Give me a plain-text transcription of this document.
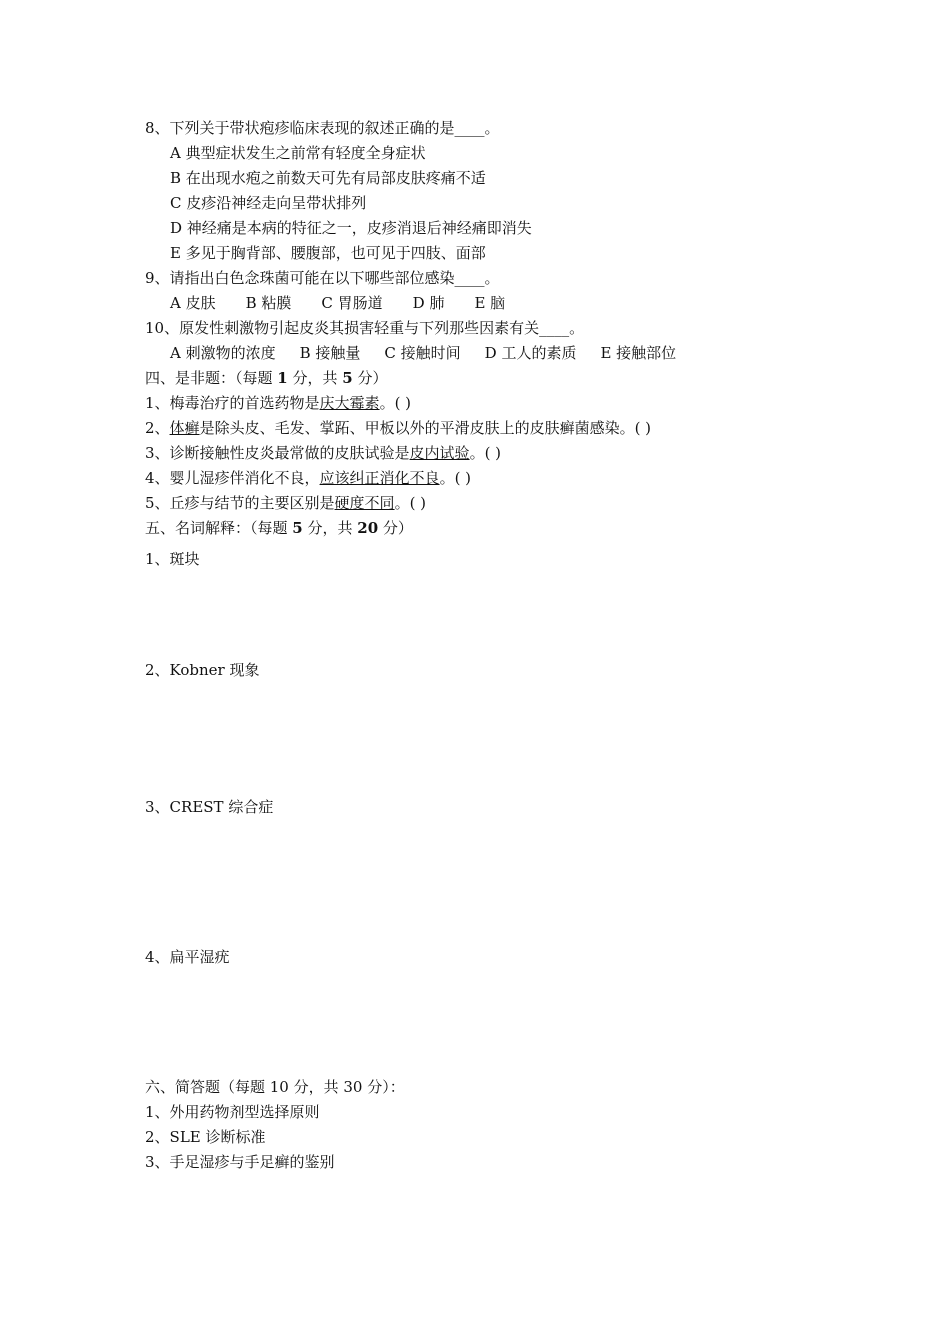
8、下列关于带状疱疹临床表现的叙述正确的是____。
A 典型症状发生之前常有轻度全身症状
B 在出现水疱之前数天可先有局部皮肤疼痛不适
C 皮疹沿神经走向呈带状排列
D 神经痛是本病的特征之一，皮疹消退后神经痛即消失
E 多见于胸背部、腰腹部，也可见于四肢、面部
9、请指出白色念珠菌可能在以下哪些部位感染____。
A 皮肤 B 粘膜 C 胃肠道 D 肺 E 脑
10、原发性刺激物引起皮炎其损害轻重与下列那些因素有关____。
A 刺激物的浓度 B 接触量 C 接触时间 D 工人的素质 E 接触部位
四、是非题：（每题 1 分，共 5 分）
1、梅毒治疗的首选药物是庆大霉素。( )
2、体癣是除头皮、毛发、掌跖、甲板以外的平滑皮肤上的皮肤癣菌感染。( )
3、诊断接触性皮炎最常做的皮肤试验是皮内试验。( )
4、婴儿湿疹伴消化不良，应该纠正消化不良。( )
5、丘疹与结节的主要区别是硬度不同。( )
五、名词解释：（每题 5 分，共 20 分）
1、斑块
2、Kobner 现象
3、CREST 综合症
4、扁平湿疣
六、简答题（每题 10 分，共 30 分）：
1、外用药物剂型选择原则
2、SLE 诊断标准
3、手足湿疹与手足癣的鉴别
